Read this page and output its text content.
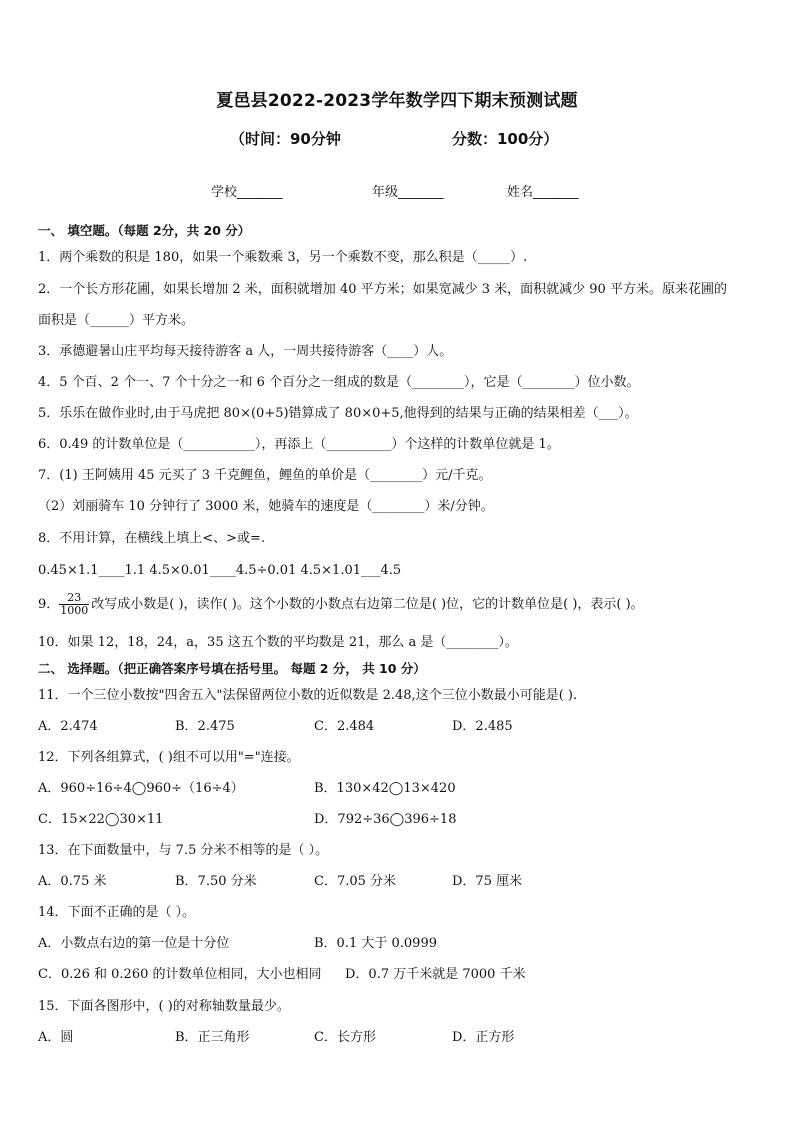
夏邑县2022-2023学年数学四下期末预测试题
（时间：90分钟	分数：100分）
学校_______	年级_______	姓名_______
一、 填空题。（每题 2分，共 20 分）
1．两个乘数的积是 180，如果一个乘数乘 3，另一个乘数不变，那么积是（_____）.
2．一个长方形花圃，如果长增加 2 米，面积就增加 40 平方米；如果宽减少 3 米，面积就减少 90 平方米。原来花圃的
面积是（______）平方米。
3．承德避暑山庄平均每天接待游客 a 人，一周共接待游客（____）人。
4．5 个百、2 个一、7 个十分之一和 6 个百分之一组成的数是（________），它是（________）位小数。
5．乐乐在做作业时,由于马虎把 80×(0+5)错算成了 80×0+5,他得到的结果与正确的结果相差（___）。
6．0.49 的计数单位是（___________），再添上（__________）个这样的计数单位就是 1。
7．(1) 王阿姨用 45 元买了 3 千克鲤鱼，鲤鱼的单价是（________）元/千克。
（2）刘丽骑车 10 分钟行了 3000 米，她骑车的速度是（________）米/分钟。
8．不用计算，在横线上填上<、>或=.
0.45×1.1____1.1 4.5×0.01____4.5÷0.01 4.5×1.01___4.5
9． $\frac{23}{1000}$ 改写成小数是( )，读作( )。这个小数的小数点右边第二位是( )位，它的计数单位是( )，表示( )。
10．如果 12，18，24，a，35 这五个数的平均数是 21，那么 a 是（________）。
二、 选择题。（把正确答案序号填在括号里。 每题 2 分， 共 10 分）
11．一个三位小数按"四舍五入"法保留两位小数的近似数是 2.48,这个三位小数最小可能是( ).
A．2.474	B．2.475	C．2.484	D．2.485
12．下列各组算式，( )组不可以用"="连接。
A．960÷16÷4◯960÷（16÷4）	B．130×42◯13×420
C．15×22◯30×11	D．792÷36◯396÷18
13．在下面数量中，与 7.5 分米不相等的是（ ）。
A．0.75 米	B．7.50 分米	C．7.05 分米	D．75 厘米
14．下面不正确的是（ ）。
A．小数点右边的第一位是十分位	B．0.1 大于 0.0999
C．0.26 和 0.260 的计数单位相同，大小也相同 D．0.7 万千米就是 7000 千米
15．下面各图形中，( )的对称轴数量最少。
A．圆	B．正三角形	C．长方形	D．正方形
